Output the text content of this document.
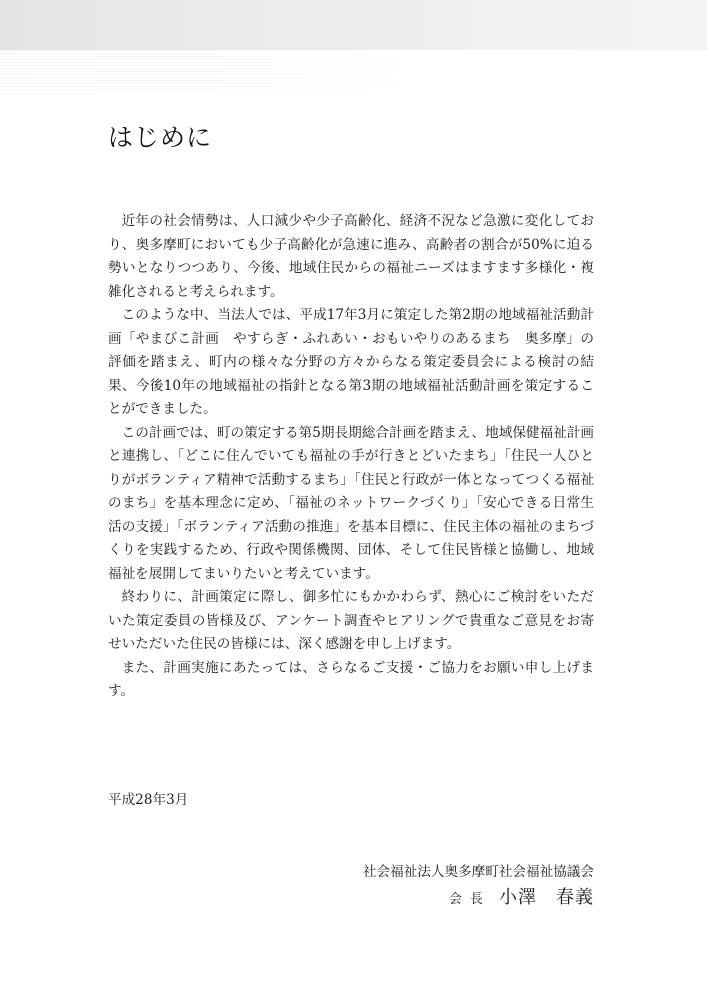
はじめに

近年の社会情勢は、人口減少や少子高齢化、経済不況など急激に変化しており、奥多摩町においても少子高齢化が急速に進み、高齢者の割合が50%に迫る勢いとなりつつあり、今後、地域住民からの福祉ニーズはますます多様化・複雑化されると考えられます。

このような中、当法人では、平成17年3月に策定した第2期の地域福祉活動計画「やまびこ計画　やすらぎ・ふれあい・おもいやりのあるまち　奥多摩」の評価を踏まえ、町内の様々な分野の方々からなる策定委員会による検討の結果、今後10年の地域福祉の指針となる第3期の地域福祉活動計画を策定することができました。

この計画では、町の策定する第5期長期総合計画を踏まえ、地域保健福祉計画と連携し、「どこに住んでいても福祉の手が行きとどいたまち」「住民一人ひとりがボランティア精神で活動するまち」「住民と行政が一体となってつくる福祉のまち」を基本理念に定め、「福祉のネットワークづくり」「安心できる日常生活の支援」「ボランティア活動の推進」を基本目標に、住民主体の福祉のまちづくりを実践するため、行政や関係機関、団体、そして住民皆様と協働し、地域福祉を展開してまいりたいと考えています。

終わりに、計画策定に際し、御多忙にもかかわらず、熱心にご検討をいただいた策定委員の皆様及び、アンケート調査やヒアリングで貴重なご意見をお寄せいただいた住民の皆様には、深く感謝を申し上げます。

また、計画実施にあたっては、さらなるご支援・ご協力をお願い申し上げます。

平成28年3月

社会福祉法人奥多摩町社会福祉協議会

会 長 小澤　春義
